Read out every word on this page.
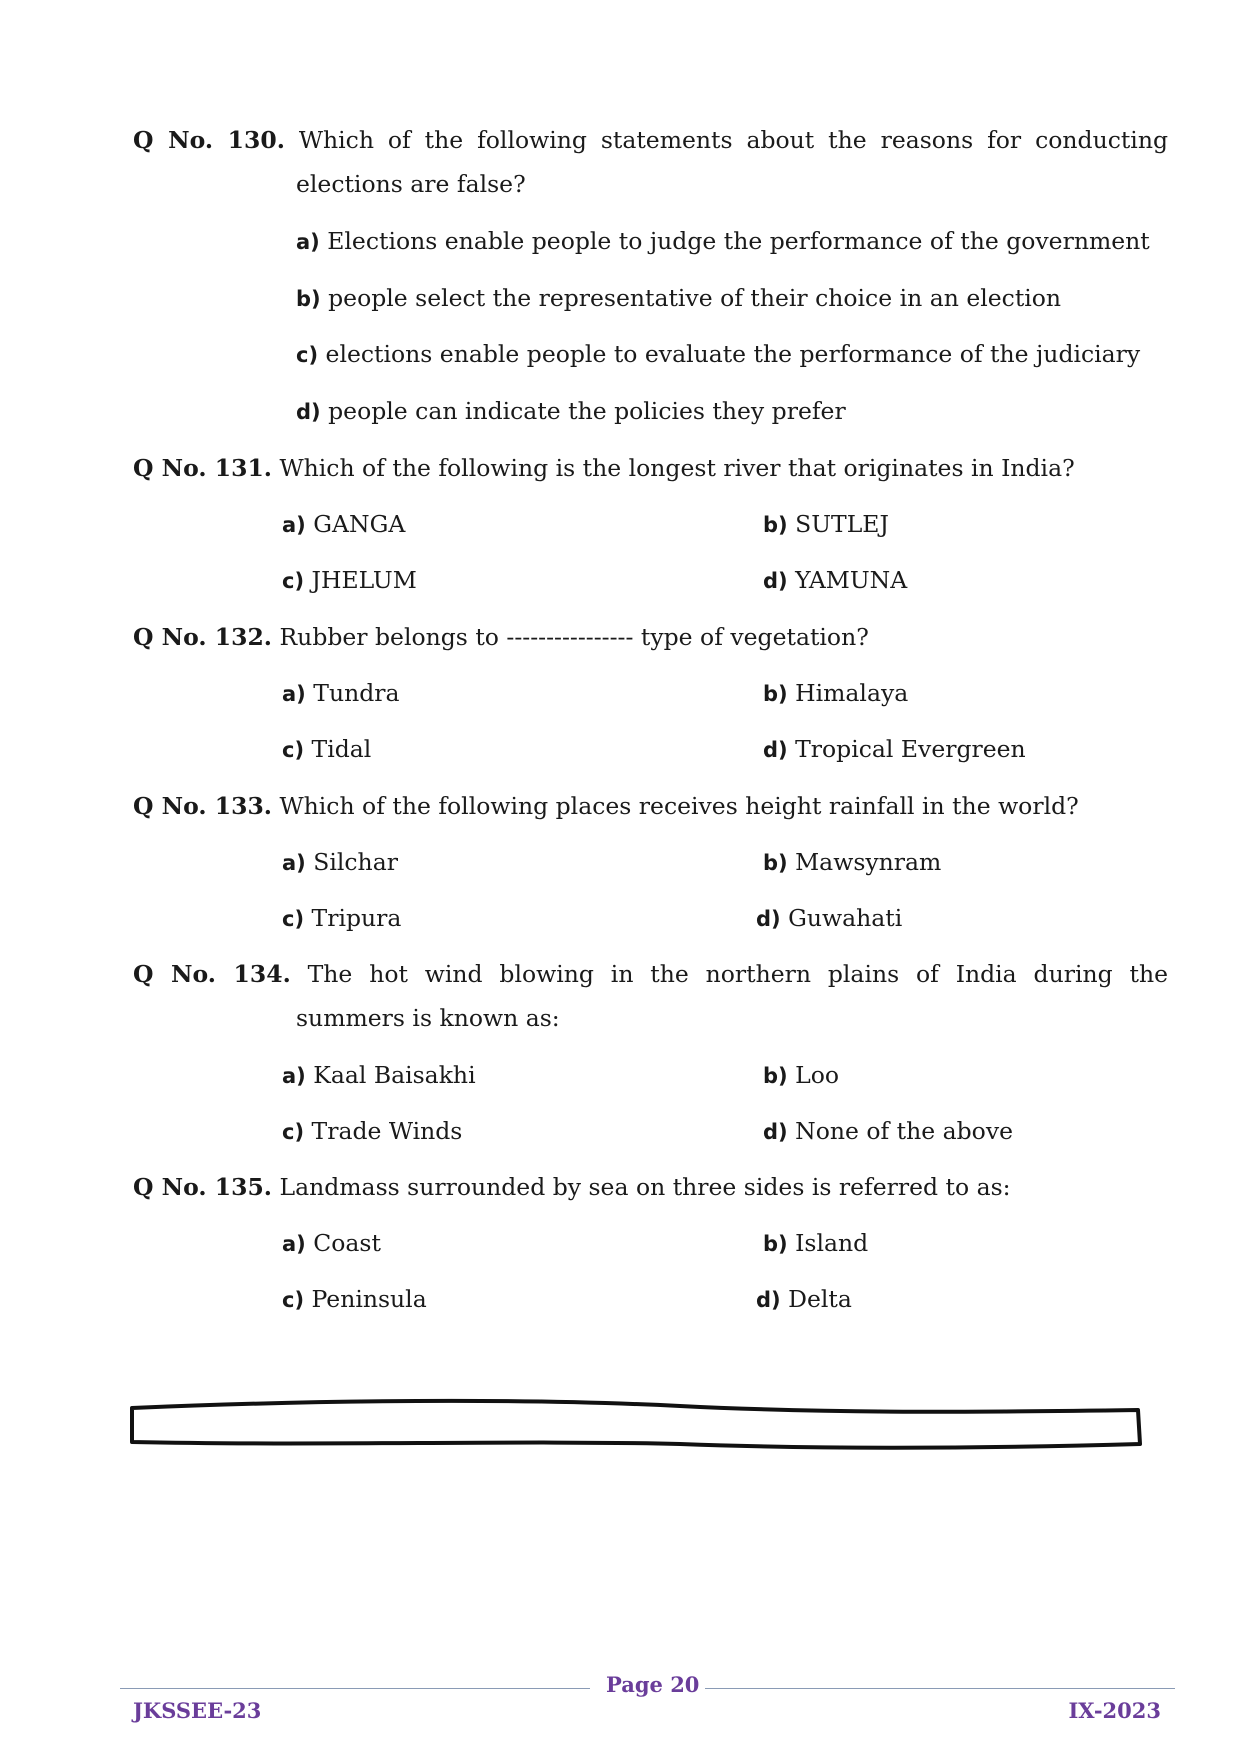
Q No. 130. Which of the following statements about the reasons for conducting
elections are false?
a) Elections enable people to judge the performance of the government
b) people select the representative of their choice in an election
c) elections enable people to evaluate the performance of the judiciary
d) people can indicate the policies they prefer
Q No. 131. Which of the following is the longest river that originates in India?
a) GANGA	b) SUTLEJ
c) JHELUM	d) YAMUNA
Q No. 132. Rubber belongs to ---------------- type of vegetation?
a) Tundra	b) Himalaya
c) Tidal	d) Tropical Evergreen
Q No. 133. Which of the following places receives height rainfall in the world?
a) Silchar	b) Mawsynram
c) Tripura	d) Guwahati
Q No. 134. The hot wind blowing in the northern plains of India during the
summers is known as:
a) Kaal Baisakhi	b) Loo
c) Trade Winds	d) None of the above
Q No. 135. Landmass surrounded by sea on three sides is referred to as:
a) Coast	b) Island
c) Peninsula	d) Delta
Page 20
JKSSEE-23	IX-2023
